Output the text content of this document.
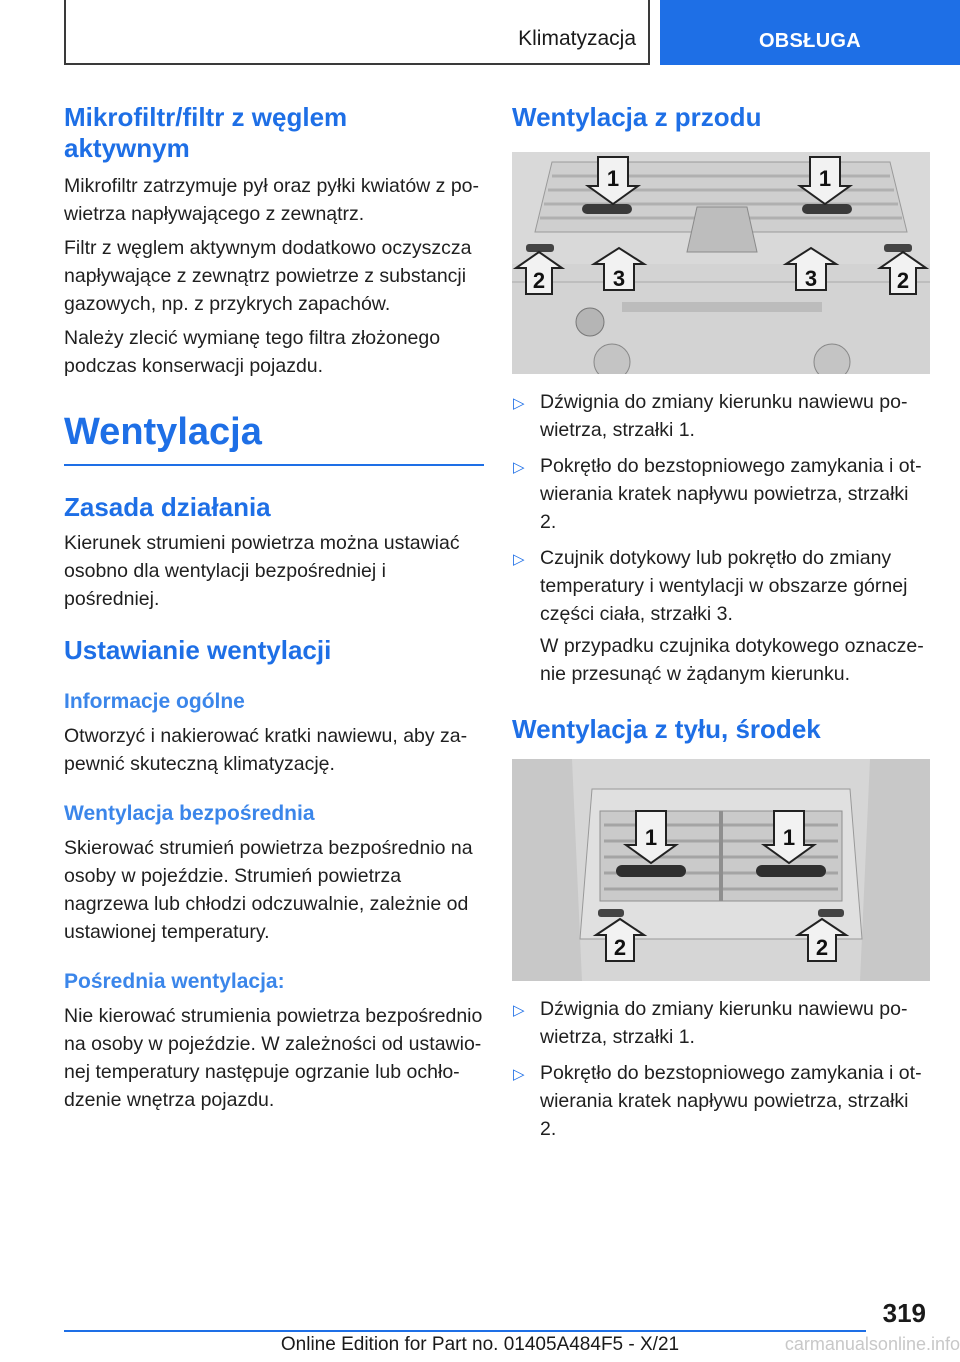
Klimatyzacja	OBSŁUGA
Mikrofiltr/filtr z węglem aktywnym

Mikrofiltr zatrzymuje pył oraz pyłki kwiatów z powietrza napływającego z zewnątrz.

Filtr z węglem aktywnym dodatkowo oczyszcza napływające z zewnątrz powietrze z substancji gazowych, np. z przykrych zapachów.

Należy zlecić wymianę tego filtra złożonego podczas konserwacji pojazdu.

Wentylacja
Zasada działania

Kierunek strumieni powietrza można ustawiać osobno dla wentylacji bezpośredniej i pośredniej.

Ustawianie wentylacji
Informacje ogólne

Otworzyć i nakierować kratki nawiewu, aby zapewnić skuteczną klimatyzację.

Wentylacja bezpośrednia

Skierować strumień powietrza bezpośrednio na osoby w pojeździe. Strumień powietrza nagrzewa lub chłodzi odczuwalnie, zależnie od ustawionej temperatury.

Pośrednia wentylacja:

Nie kierować strumienia powietrza bezpośrednio na osoby w pojeździe. W zależności od ustawionej temperatury następuje ogrzanie lub ochłodzenie wnętrza pojazdu.

Wentylacja z przodu
1	1
2	3	3	2
▷ Dźwignia do zmiany kierunku nawiewu powietrza, strzałki 1.
▷ Pokrętło do bezstopniowego zamykania i otwierania kratek napływu powietrza, strzałki 2.
▷ Czujnik dotykowy lub pokrętło do zmiany temperatury i wentylacji w obszarze górnej części ciała, strzałki 3.

W przypadku czujnika dotykowego oznaczenie przesunąć w żądanym kierunku.

Wentylacja z tyłu, środek
1	1
2	2
▷ Dźwignia do zmiany kierunku nawiewu powietrza, strzałki 1.
▷ Pokrętło do bezstopniowego zamykania i otwierania kratek napływu powietrza, strzałki 2.
319
Online Edition for Part no. 01405A484F5 - X/21	carmanualsonline.info
